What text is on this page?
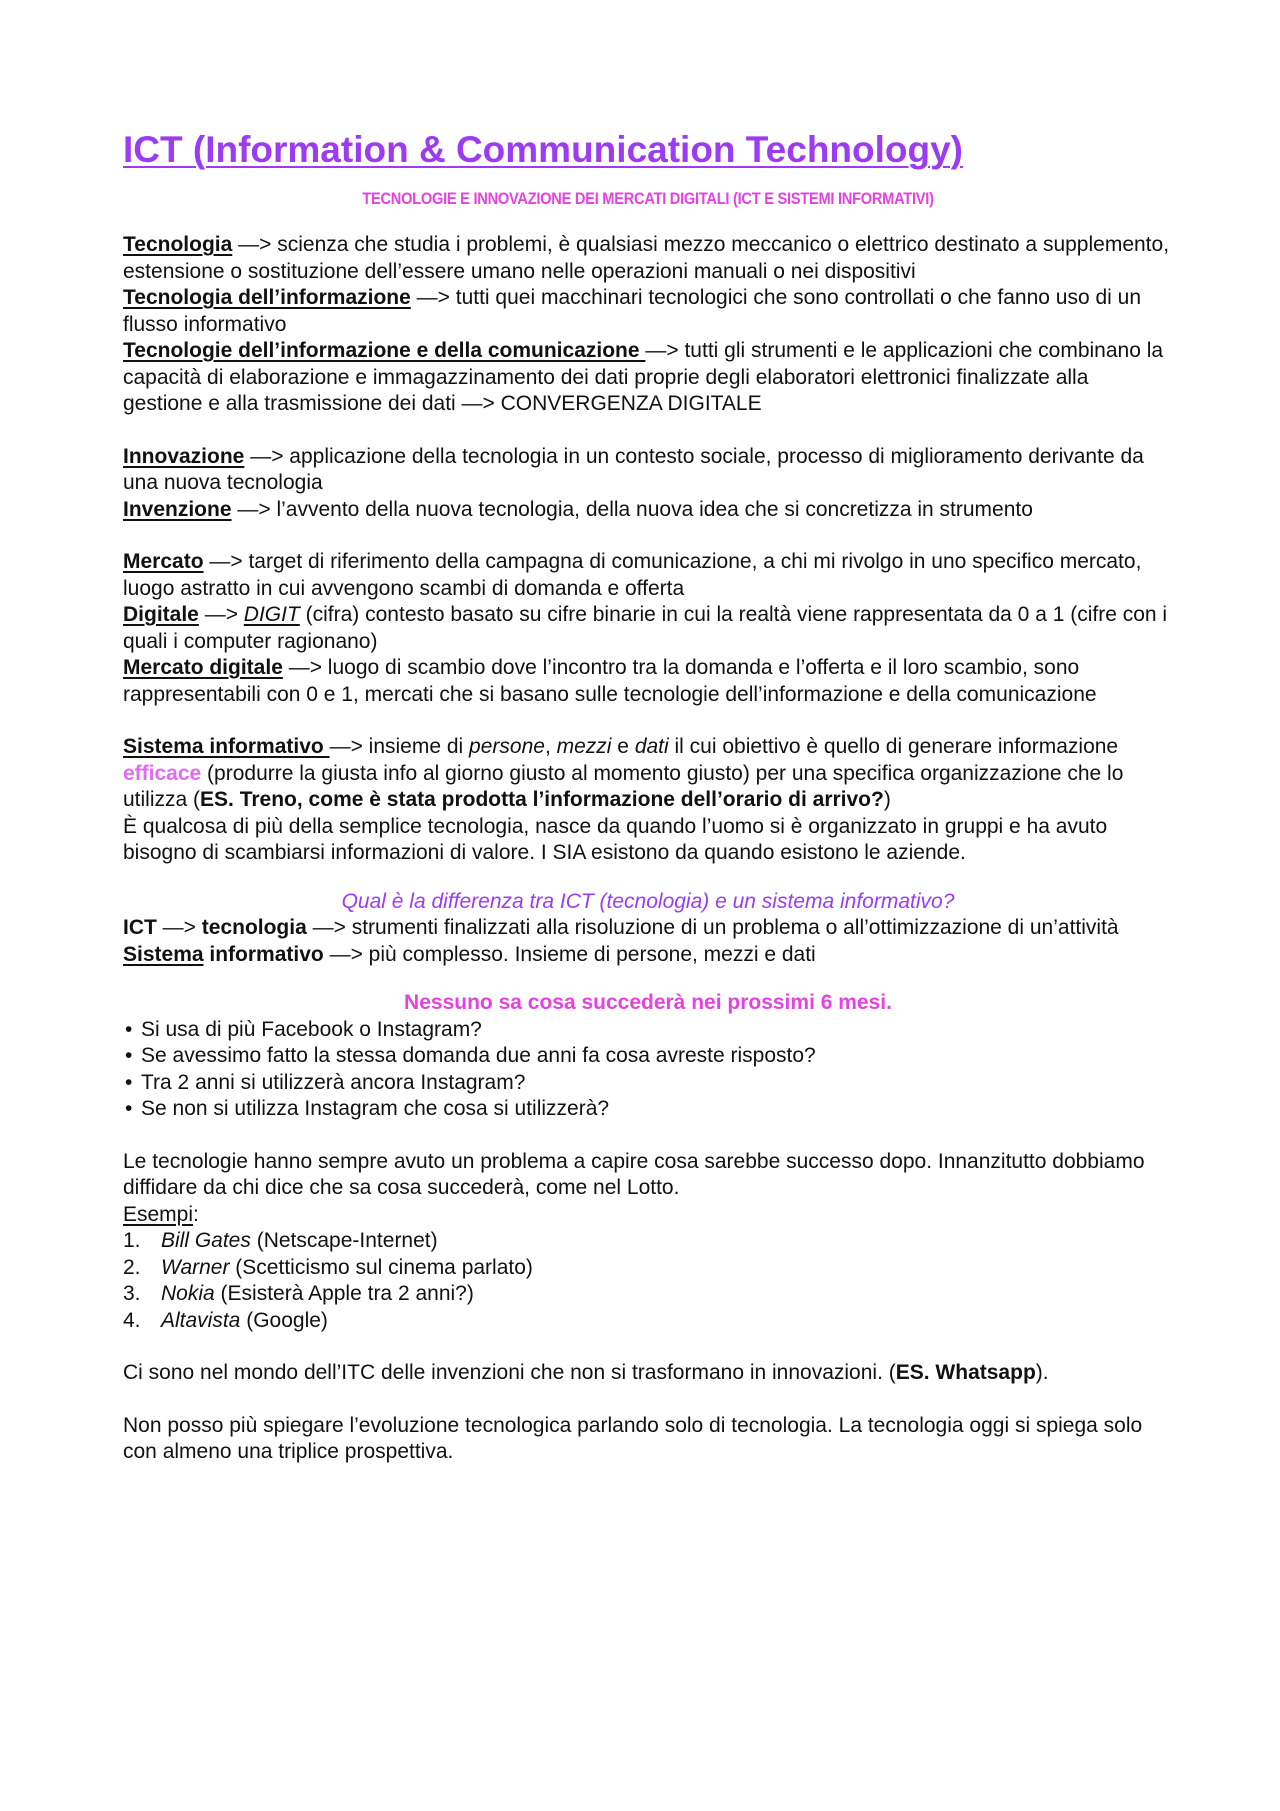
ICT (Information & Communication Technology)
TECNOLOGIE E INNOVAZIONE DEI MERCATI DIGITALI (ICT E SISTEMI INFORMATIVI)

Tecnologia —> scienza che studia i problemi, è qualsiasi mezzo meccanico o elettrico destinato a supplemento, estensione o sostituzione dell’essere umano nelle operazioni manuali o nei dispositivi

Tecnologia dell’informazione —> tutti quei macchinari tecnologici che sono controllati o che fanno uso di un flusso informativo

Tecnologie dell’informazione e della comunicazione —> tutti gli strumenti e le applicazioni che combinano la capacità di elaborazione e immagazzinamento dei dati proprie degli elaboratori elettronici finalizzate alla gestione e alla trasmissione dei dati —> CONVERGENZA DIGITALE

Innovazione —> applicazione della tecnologia in un contesto sociale, processo di miglioramento derivante da una nuova tecnologia

Invenzione —> l’avvento della nuova tecnologia, della nuova idea che si concretizza in strumento

Mercato —> target di riferimento della campagna di comunicazione, a chi mi rivolgo in uno specifico mercato, luogo astratto in cui avvengono scambi di domanda e offerta

Digitale —> DIGIT (cifra) contesto basato su cifre binarie in cui la realtà viene rappresentata da 0 a 1 (cifre con i quali i computer ragionano)

Mercato digitale —> luogo di scambio dove l’incontro tra la domanda e l’offerta e il loro scambio, sono rappresentabili con 0 e 1, mercati che si basano sulle tecnologie dell’informazione e della comunicazione

Sistema informativo —> insieme di persone, mezzi e dati il cui obiettivo è quello di generare informazione efficace (produrre la giusta info al giorno giusto al momento giusto) per una specifica organizzazione che lo utilizza (ES. Treno, come è stata prodotta l’informazione dell’orario di arrivo?)

È qualcosa di più della semplice tecnologia, nasce da quando l’uomo si è organizzato in gruppi e ha avuto bisogno di scambiarsi informazioni di valore. I SIA esistono da quando esistono le aziende.

Qual è la differenza tra ICT (tecnologia) e un sistema informativo?

ICT —> tecnologia —> strumenti finalizzati alla risoluzione di un problema o all’ottimizzazione di un’attività

Sistema informativo —> più complesso. Insieme di persone, mezzi e dati

Nessuno sa cosa succederà nei prossimi 6 mesi.

• Si usa di più Facebook o Instagram?
• Se avessimo fatto la stessa domanda due anni fa cosa avreste risposto?
• Tra 2 anni si utilizzerà ancora Instagram?
• Se non si utilizza Instagram che cosa si utilizzerà?

Le tecnologie hanno sempre avuto un problema a capire cosa sarebbe successo dopo. Innanzitutto dobbiamo diffidare da chi dice che sa cosa succederà, come nel Lotto.

Esempi:

1. Bill Gates (Netscape-Internet)
2. Warner (Scetticismo sul cinema parlato)
3. Nokia (Esisterà Apple tra 2 anni?)
4. Altavista (Google)

Ci sono nel mondo dell’ITC delle invenzioni che non si trasformano in innovazioni. (ES. Whatsapp).

Non posso più spiegare l’evoluzione tecnologica parlando solo di tecnologia. La tecnologia oggi si spiega solo con almeno una triplice prospettiva.
